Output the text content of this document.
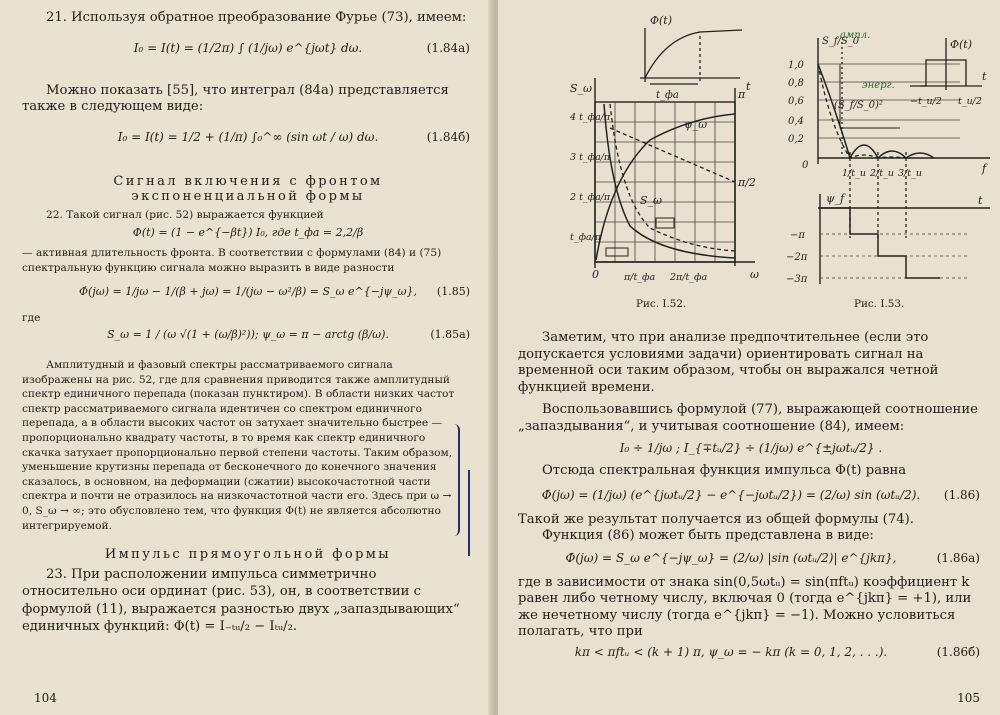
21. Используя обратное преобразование Фурье (73), имеем:

I₀ = I(t) = (1/2π) ∫ (1/jω) e^{jωt} dω.	(1.84а)

Можно показать [55], что интеграл (84а) представляется также в следующем виде:

I₀ = I(t) = 1/2 + (1/π) ∫₀^∞ (sin ωt / ω) dω.	(1.84б)
Сигнал включения с фронтом
экспоненциальной формы

22. Такой сигнал (рис. 52) выражается функцией

Φ(t) = (1 − e^{−βt}) I₀, где t_фа = 2,2/β

— активная длительность фронта. В соответствии с формулами (84) и (75) спектральную функцию сигнала можно выразить в виде разности

Φ̇(jω) = 1/jω − 1/(β + jω) = 1/(jω − ω²/β) = S_ω e^{−jψ_ω}, (1.85)

где

S_ω = 1 / (ω √(1 + (ω/β)²)); ψ_ω = π − arctg (β/ω).	(1.85а)

Амплитудный и фазовый спектры рассматриваемого сигнала изображены на рис. 52, где для сравнения приводится также амплитудный спектр единичного перепада (показан пунктиром). В области низких частот спектр рассматриваемого сигнала идентичен со спектром единичного перепада, а в области высоких частот он затухает значительно быстрее — пропорционально квадрату частоты, в то время как спектр единичного скачка затухает пропорционально первой степени частоты. Таким образом, уменьшение крутизны перепада от бесконечного до конечного значения сказалось, в основном, на деформации (сжатии) высокочастотной части спектра и почти не отразилось на низкочастотной части его. Здесь при ω → 0, S_ω → ∞; это обусловлено тем, что функция Φ(t) не является абсолютно интегрируемой.

Импульс прямоугольной формы

23. При расположении импульса симметрично относительно оси ординат (рис. 53), он, в соответствии с формулой (11), выражается разностью двух „запаздывающих“ единичных функций: Φ(t) = I₋ₜᵤ/₂ − Iₜᵤ/₂.

104
Φ(t)
t
t_фа
S_ω
ψ_ω
π
π/2
ω
0
4 t_фа/π
3 t_фа/π
2 t_фа/π
t_фа/π
π/t_фа 2π/t_фа
S_ω
S_f/S_0
ампл.
(S_f/S_0)²
энерг.
Φ(t)
t
−t_u/2 t_u/2
1,0
0,8
0,6
0,4
0,2
0
1/t_u 2/t_u 3/t_u	f
ψ_f	t
−π
−2π
−3π
Рис. I.52.	Рис. I.53.

Заметим, что при анализе предпочтительнее (если это допускается условиями задачи) ориентировать сигнал на временной оси таким образом, чтобы он выражался четной функцией времени.

Воспользовавшись формулой (77), выражающей соотношение „запаздывания“, и учитывая соотношение (84), имеем:

I₀ ÷ 1/jω ; I_{∓tᵤ/2} ÷ (1/jω) e^{±jωtᵤ/2} .

Отсюда спектральная функция импульса Φ(t) равна

Φ̇(jω) = (1/jω) (e^{jωtᵤ/2} − e^{−jωtᵤ/2}) = (2/ω) sin (ωtᵤ/2). (1.86)

Такой же результат получается из общей формулы (74).

Функция (86) может быть представлена в виде:

Φ̇(jω) = S_ω e^{−jψ_ω} = (2/ω) |sin (ωtᵤ/2)| e^{jkπ},	(1.86а)

где в зависимости от знака sin(0,5ωtᵤ) = sin(πftᵤ) коэффициент k равен либо четному числу, включая 0 (тогда e^{jkπ} = +1), или же нечетному числу (тогда e^{jkπ} = −1). Можно условиться полагать, что при

kπ < πftᵤ < (k + 1) π, ψ_ω = − kπ (k = 0, 1, 2, . . .).	(1.86б)
105
